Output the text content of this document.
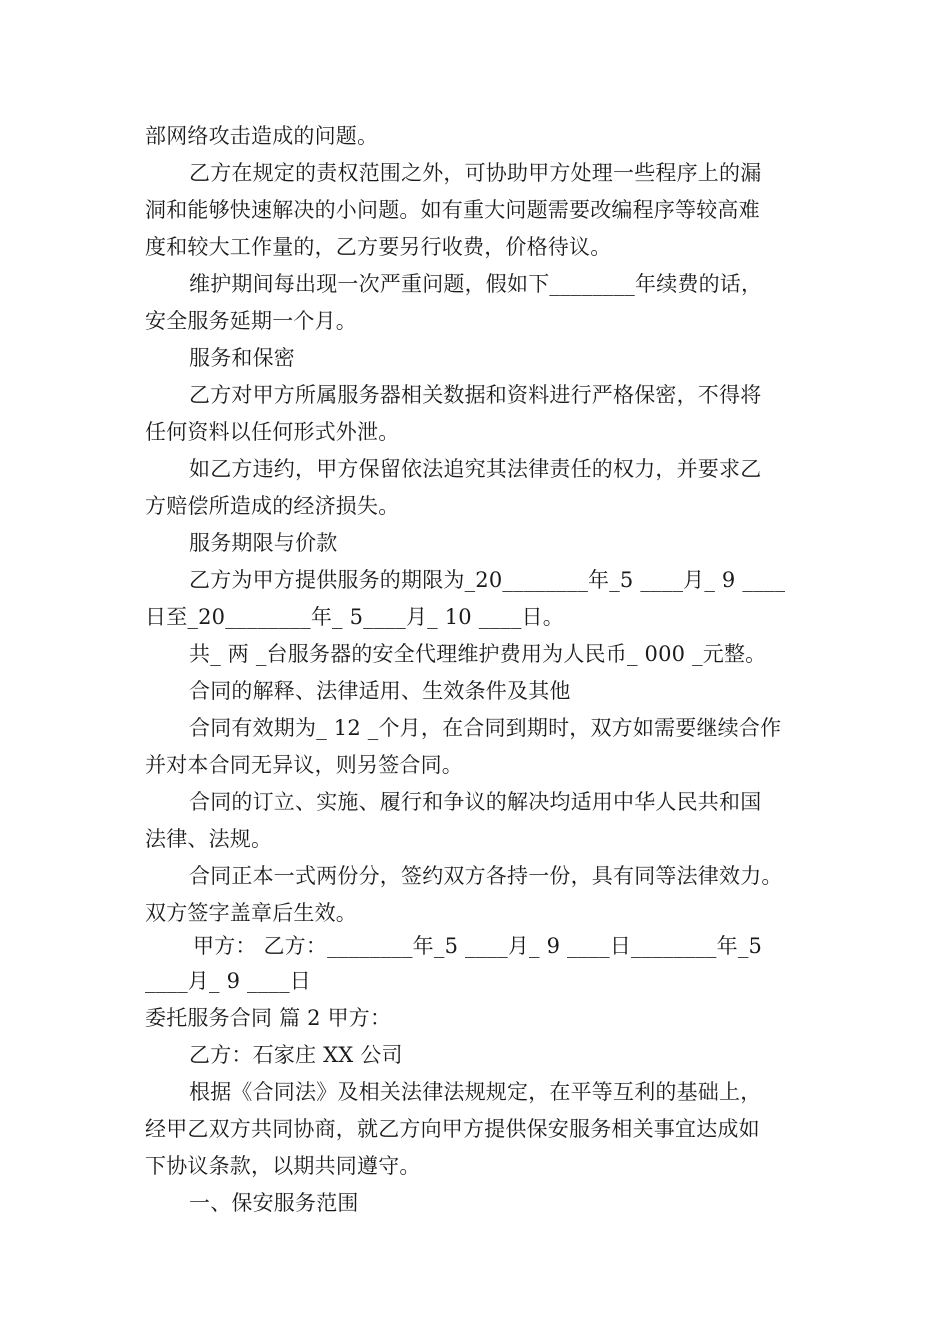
部网络攻击造成的问题。
乙方在规定的责权范围之外，可协助甲方处理一些程序上的漏
洞和能够快速解决的小问题。如有重大问题需要改编程序等较高难
度和较大工作量的，乙方要另行收费，价格待议。
维护期间每出现一次严重问题，假如下________年续费的话，
安全服务延期一个月。
服务和保密
乙方对甲方所属服务器相关数据和资料进行严格保密，不得将
任何资料以任何形式外泄。
如乙方违约，甲方保留依法追究其法律责任的权力，并要求乙
方赔偿所造成的经济损失。
服务期限与价款
乙方为甲方提供服务的期限为_20________年_5 ____月_ 9 ____
日至_20________年_ 5____月_ 10 ____日。
共_ 两 _台服务器的安全代理维护费用为人民币_ 000 _元整。
合同的解释、法律适用、生效条件及其他
合同有效期为_ 12 _个月，在合同到期时，双方如需要继续合作
并对本合同无异议，则另签合同。
合同的订立、实施、履行和争议的解决均适用中华人民共和国
法律、法规。
合同正本一式两份分，签约双方各持一份，具有同等法律效力。
双方签字盖章后生效。
甲方： 乙方：________年_5 ____月_ 9 ____日________年_5
____月_ 9 ____日
委托服务合同 篇 2 甲方：
乙方：石家庄 XX 公司
根据《合同法》及相关法律法规规定，在平等互利的基础上，
经甲乙双方共同协商，就乙方向甲方提供保安服务相关事宜达成如
下协议条款，以期共同遵守。
一、保安服务范围
